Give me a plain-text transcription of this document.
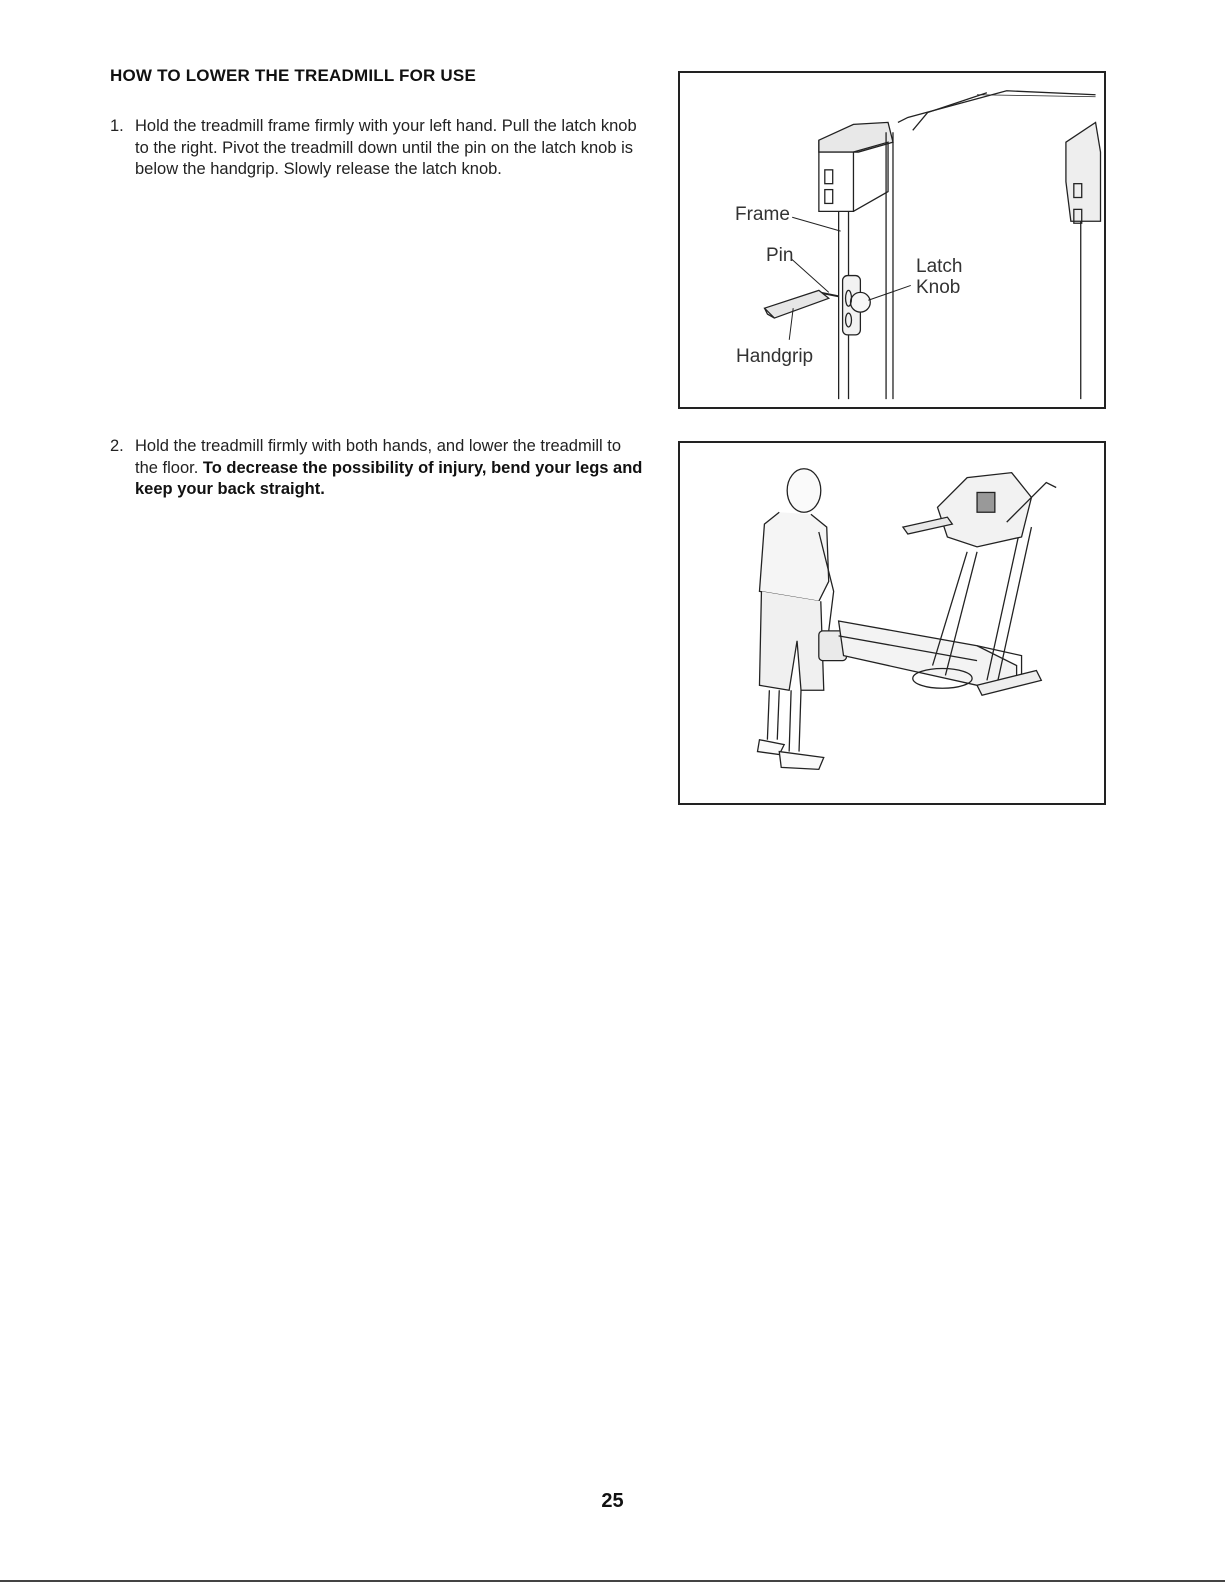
HOW TO LOWER THE TREADMILL FOR USE
1. Hold the treadmill frame firmly with your left hand. Pull the latch knob to the right. Pivot the treadmill down until the pin on the latch knob is below the handgrip. Slowly release the latch knob.
2. Hold the treadmill firmly with both hands, and lower the treadmill to the floor. To decrease the possibility of injury, bend your legs and keep your back straight.
Frame
Pin
Latch Knob
Handgrip
25
